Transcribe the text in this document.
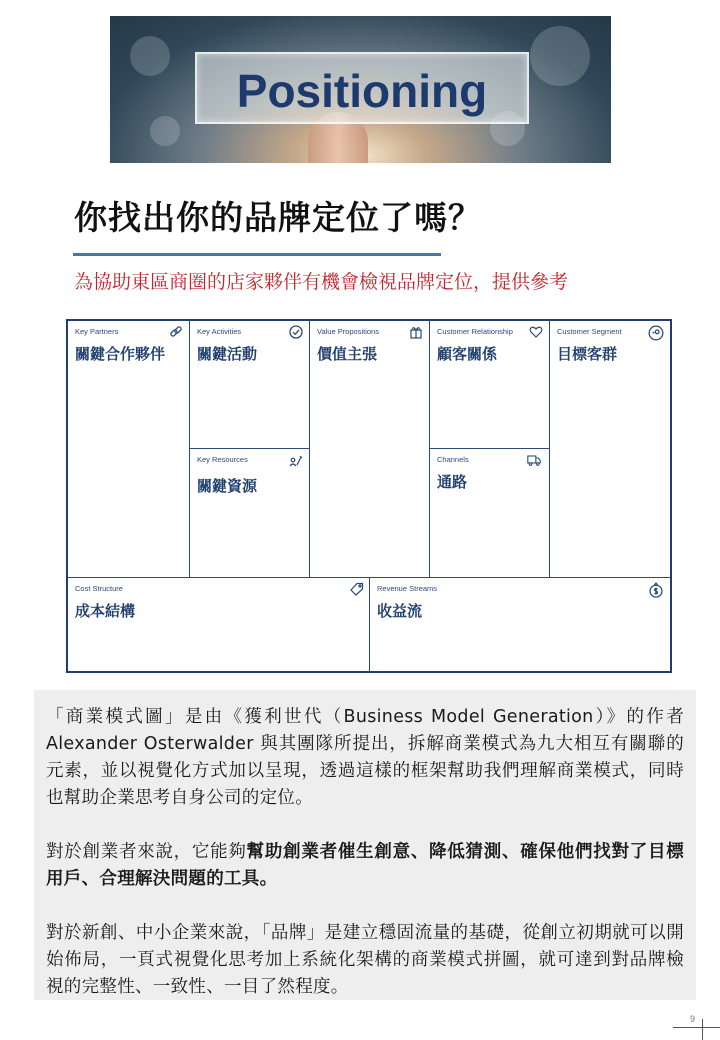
Positioning
你找出你的品牌定位了嗎？
為協助東區商圈的店家夥伴有機會檢視品牌定位，提供參考
Key Partners
關鍵合作夥伴
Key Activities
關鍵活動
Key Resources
關鍵資源
Value Propositions
價值主張
Customer Relationship
顧客關係
Channels
通路
Customer Segment
目標客群
Cost Structure
成本結構
Revenue Streams
收益流

「商業模式圖」是由《獲利世代（Business Model Generation）》的作者 Alexander Osterwalder 與其團隊所提出，拆解商業模式為九大相互有關聯的元素，並以視覺化方式加以呈現，透過這樣的框架幫助我們理解商業模式，同時也幫助企業思考自身公司的定位。

對於創業者來說，它能夠幫助創業者催生創意、降低猜測、確保他們找對了目標用戶、合理解決問題的工具。

對於新創、中小企業來說，「品牌」是建立穩固流量的基礎，從創立初期就可以開始佈局，一頁式視覺化思考加上系統化架構的商業模式拼圖，就可達到對品牌檢視的完整性、一致性、一目了然程度。

9
